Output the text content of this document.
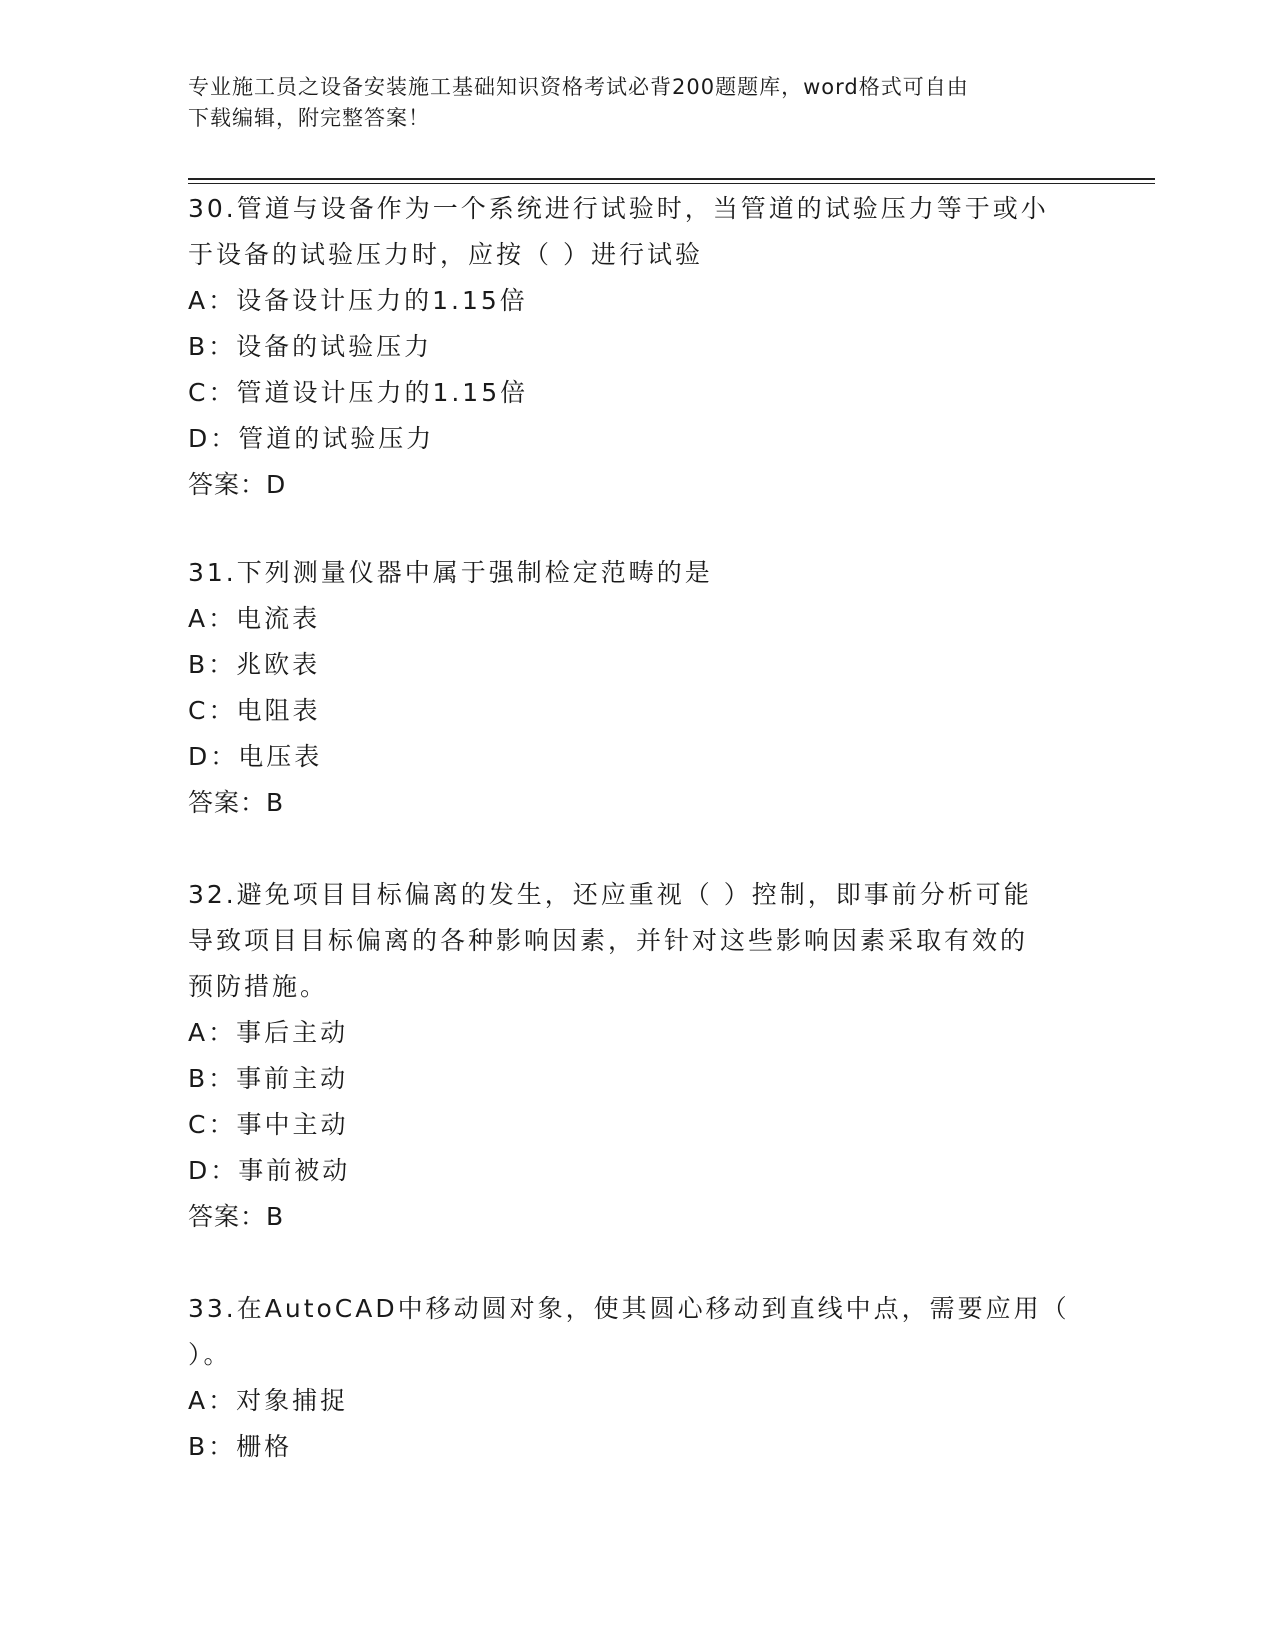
专业施工员之设备安装施工基础知识资格考试必背200题题库，word格式可自由
下载编辑，附完整答案！
30.管道与设备作为一个系统进行试验时，当管道的试验压力等于或小
于设备的试验压力时，应按（ ）进行试验
A：设备设计压力的1.15倍
B：设备的试验压力
C：管道设计压力的1.15倍
D：管道的试验压力
答案：D
31.下列测量仪器中属于强制检定范畴的是
A：电流表
B：兆欧表
C：电阻表
D：电压表
答案：B
32.避免项目目标偏离的发生，还应重视（ ）控制，即事前分析可能
导致项目目标偏离的各种影响因素，并针对这些影响因素采取有效的
预防措施。
A：事后主动
B：事前主动
C：事中主动
D：事前被动
答案：B
33.在AutoCAD中移动圆对象，使其圆心移动到直线中点，需要应用（
）。
A：对象捕捉
B：栅格
